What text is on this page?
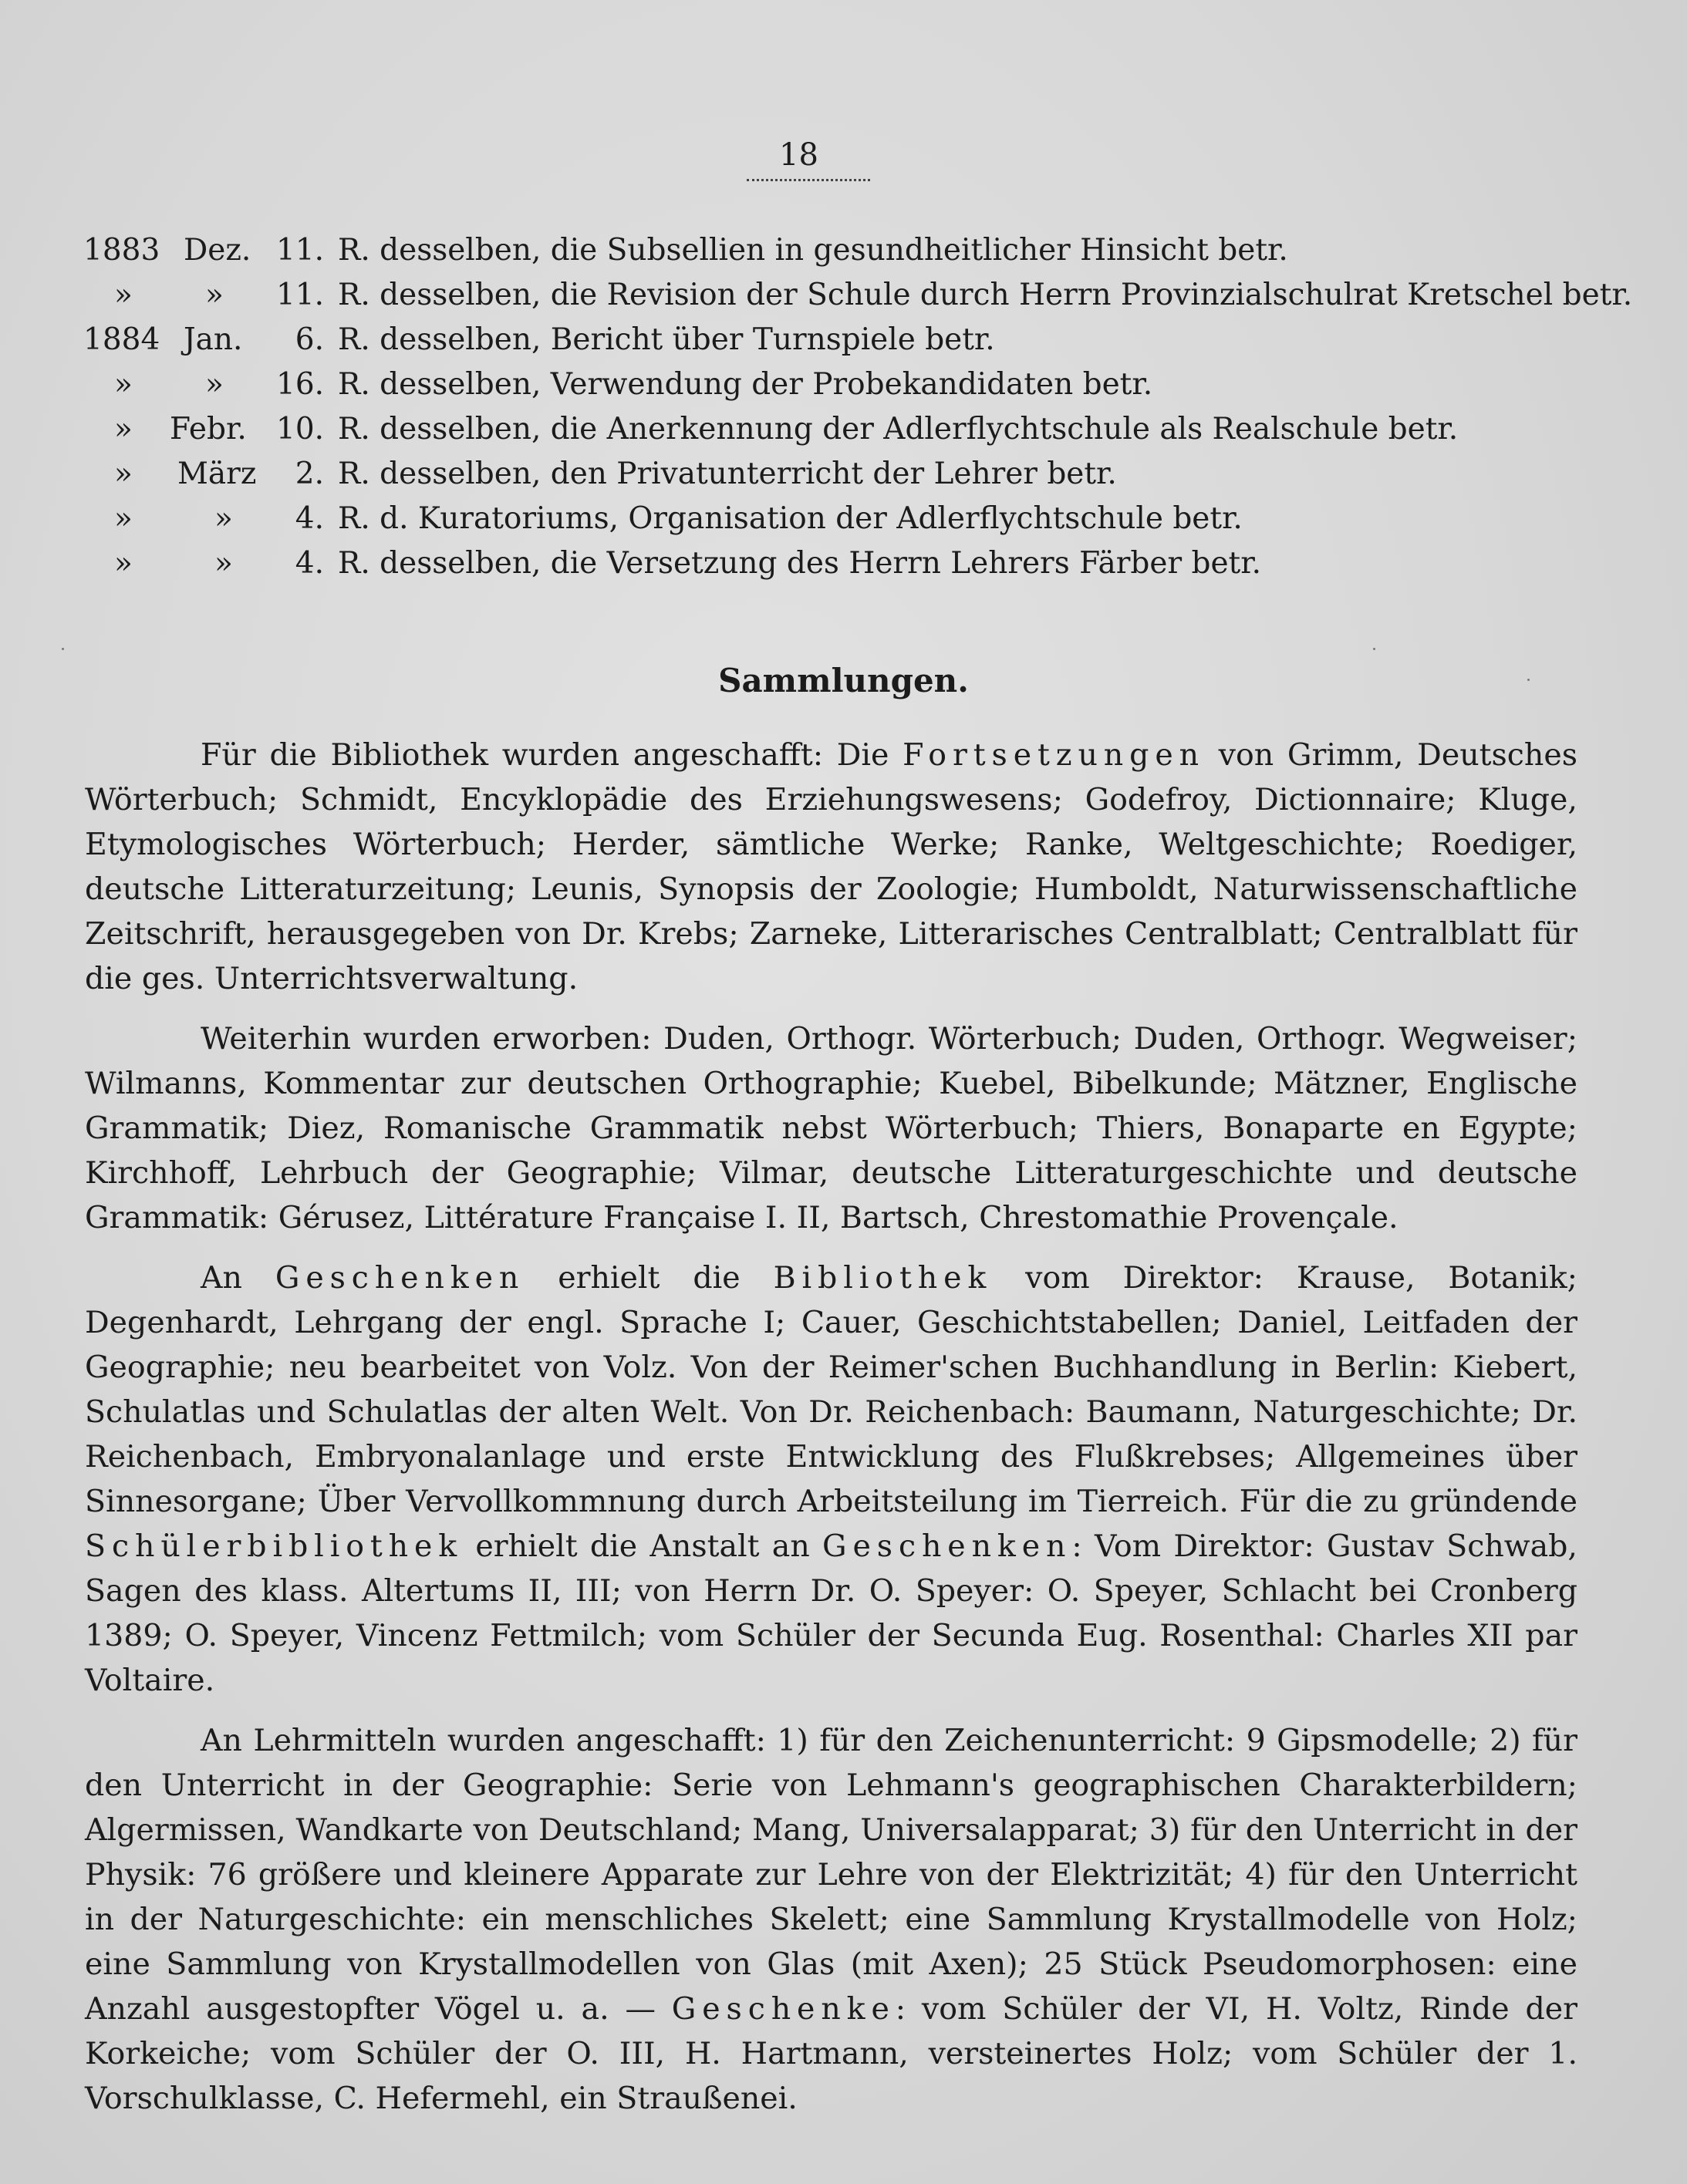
18
1883 Dez. 11. R. desselben, die Subsellien in gesundheitlicher Hinsicht betr.
» » 11. R. desselben, die Revision der Schule durch Herrn Provinzialschulrat Kretschel betr.
1884 Jan.	6. R. desselben, Bericht über Turnspiele betr.
» » 16. R. desselben, Verwendung der Probekandidaten betr.
» Febr. 10. R. desselben, die Anerkennung der Adlerflychtschule als Realschule betr.
» März	2. R. desselben, den Privatunterricht der Lehrer betr.
»	»	4. R. d. Kuratoriums, Organisation der Adlerflychtschule betr.
»	»	4. R. desselben, die Versetzung des Herrn Lehrers Färber betr.
Sammlungen.

Für die Bibliothek wurden angeschafft: Die Fortsetzungen von Grimm, Deutsches Wörterbuch; Schmidt, Encyklopädie des Erziehungswesens; Godefroy, Dictionnaire; Kluge, Etymologisches Wörterbuch; Herder, sämtliche Werke; Ranke, Weltgeschichte; Roediger, deutsche Litteraturzeitung; Leunis, Synopsis der Zoologie; Humboldt, Naturwissenschaftliche Zeitschrift, herausgegeben von Dr. Krebs; Zarneke, Litterarisches Centralblatt; Centralblatt für die ges. Unterrichtsverwaltung.

Weiterhin wurden erworben: Duden, Orthogr. Wörterbuch; Duden, Orthogr. Wegweiser; Wilmanns, Kommentar zur deutschen Orthographie; Kuebel, Bibelkunde; Mätzner, Englische Grammatik; Diez, Romanische Grammatik nebst Wörterbuch; Thiers, Bonaparte en Egypte; Kirchhoff, Lehrbuch der Geographie; Vilmar, deutsche Litteraturgeschichte und deutsche Grammatik: Gérusez, Littérature Française I. II, Bartsch, Chrestomathie Provençale.

An Geschenken erhielt die Bibliothek vom Direktor: Krause, Botanik; Degenhardt, Lehrgang der engl. Sprache I; Cauer, Geschichtstabellen; Daniel, Leitfaden der Geographie; neu bearbeitet von Volz. Von der Reimer'schen Buchhandlung in Berlin: Kiebert, Schulatlas und Schulatlas der alten Welt. Von Dr. Reichenbach: Baumann, Naturgeschichte; Dr. Reichenbach, Embryonalanlage und erste Entwicklung des Flußkrebses; Allgemeines über Sinnesorgane; Über Vervollkommnung durch Arbeitsteilung im Tierreich. Für die zu gründende Schülerbibliothek erhielt die Anstalt an Geschenken: Vom Direktor: Gustav Schwab, Sagen des klass. Altertums II, III; von Herrn Dr. O. Speyer: O. Speyer, Schlacht bei Cronberg 1389; O. Speyer, Vincenz Fettmilch; vom Schüler der Secunda Eug. Rosenthal: Charles XII par Voltaire.

An Lehrmitteln wurden angeschafft: 1) für den Zeichenunterricht: 9 Gipsmodelle; 2) für den Unterricht in der Geographie: Serie von Lehmann's geographischen Charakterbildern; Algermissen, Wandkarte von Deutschland; Mang, Universalapparat; 3) für den Unterricht in der Physik: 76 größere und kleinere Apparate zur Lehre von der Elektrizität; 4) für den Unterricht in der Naturgeschichte: ein menschliches Skelett; eine Sammlung Krystallmodelle von Holz; eine Sammlung von Krystallmodellen von Glas (mit Axen); 25 Stück Pseudomorphosen: eine Anzahl ausgestopfter Vögel u. a. — Geschenke: vom Schüler der VI, H. Voltz, Rinde der Korkeiche; vom Schüler der O. III, H. Hartmann, versteinertes Holz; vom Schüler der 1. Vorschulklasse, C. Hefermehl, ein Straußenei.
